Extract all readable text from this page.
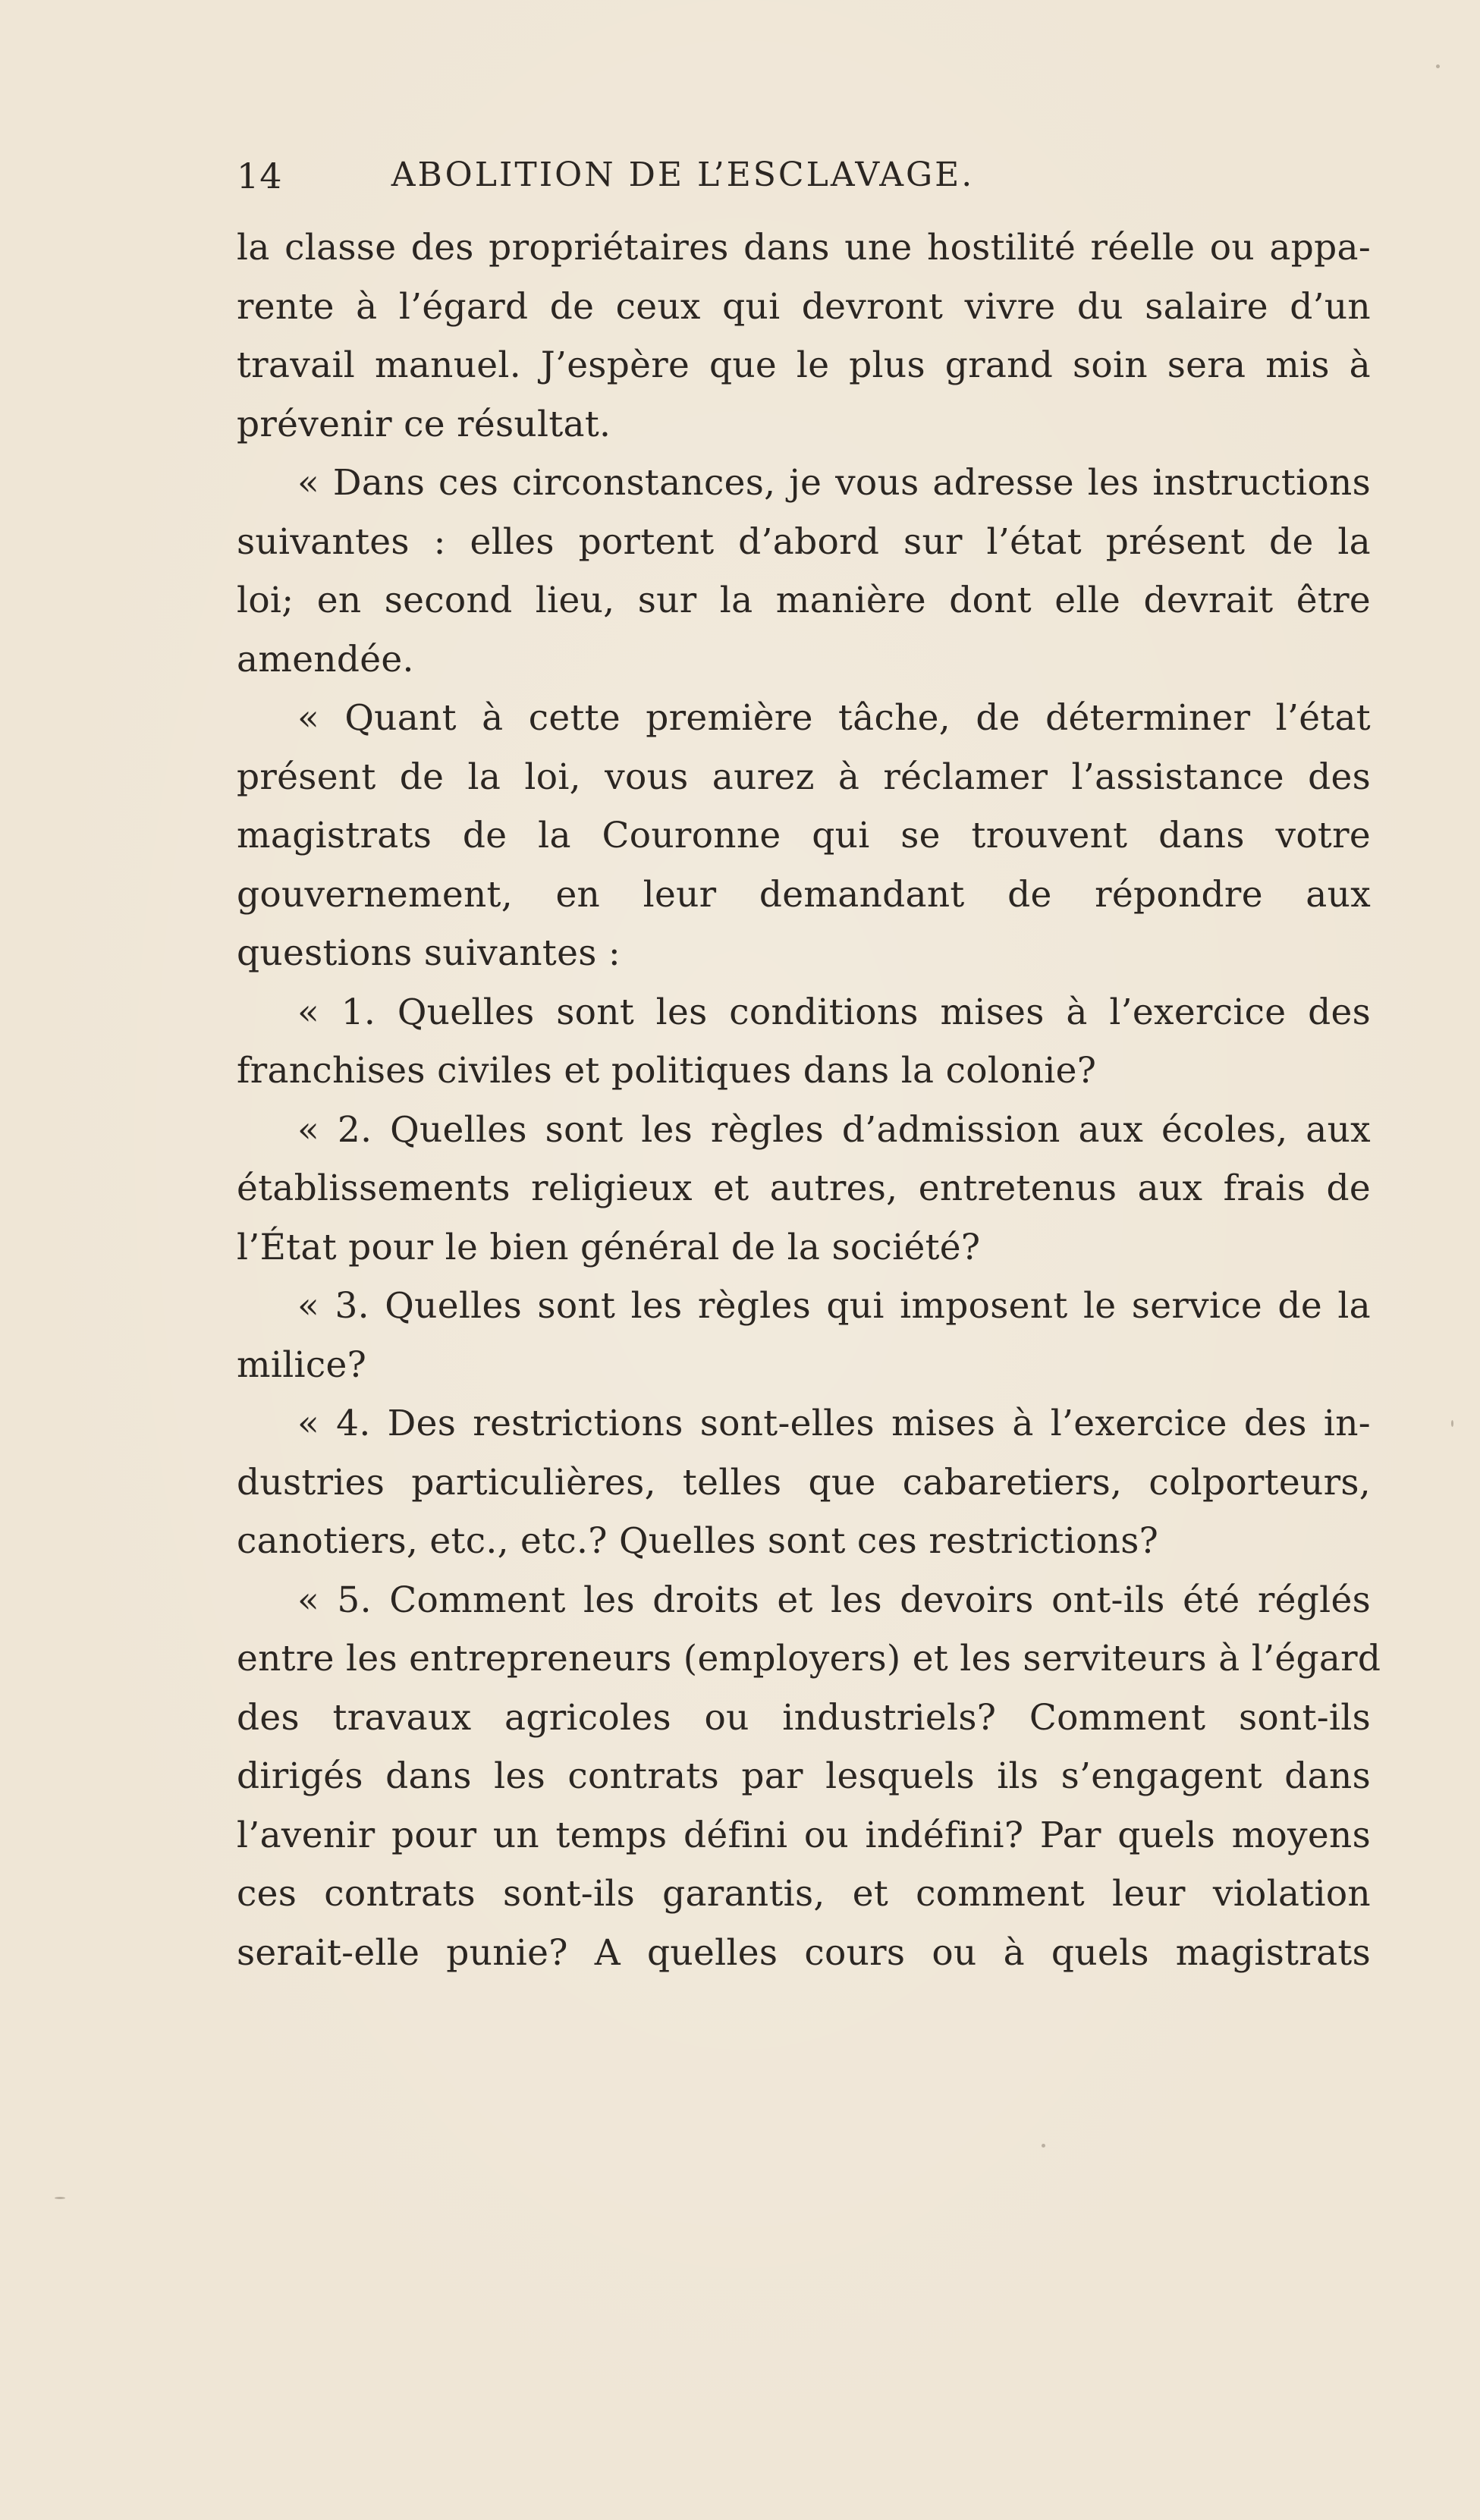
14	ABOLITION DE L’ESCLAVAGE.
la classe des propriétaires dans une hostilité réelle ou appa-
rente à l’égard de ceux qui devront vivre du salaire d’un
travail manuel. J’espère que le plus grand soin sera mis à
prévenir ce résultat.
« Dans ces circonstances, je vous adresse les instructions
suivantes : elles portent d’abord sur l’état présent de la
loi; en second lieu, sur la manière dont elle devrait être
amendée.
« Quant à cette première tâche, de déterminer l’état
présent de la loi, vous aurez à réclamer l’assistance des
magistrats de la Couronne qui se trouvent dans votre
gouvernement, en leur demandant de répondre aux
questions suivantes :
« 1. Quelles sont les conditions mises à l’exercice des
franchises civiles et politiques dans la colonie?
« 2. Quelles sont les règles d’admission aux écoles, aux
établissements religieux et autres, entretenus aux frais de
l’État pour le bien général de la société?
« 3. Quelles sont les règles qui imposent le service de la
milice?
« 4. Des restrictions sont-elles mises à l’exercice des in-
dustries particulières, telles que cabaretiers, colporteurs,
canotiers, etc., etc.? Quelles sont ces restrictions?
« 5. Comment les droits et les devoirs ont-ils été réglés
entre les entrepreneurs (employers) et les serviteurs à l’égard
des travaux agricoles ou industriels? Comment sont-ils
dirigés dans les contrats par lesquels ils s’engagent dans
l’avenir pour un temps défini ou indéfini? Par quels moyens
ces contrats sont-ils garantis, et comment leur violation
serait-elle punie? A quelles cours ou à quels magistrats
